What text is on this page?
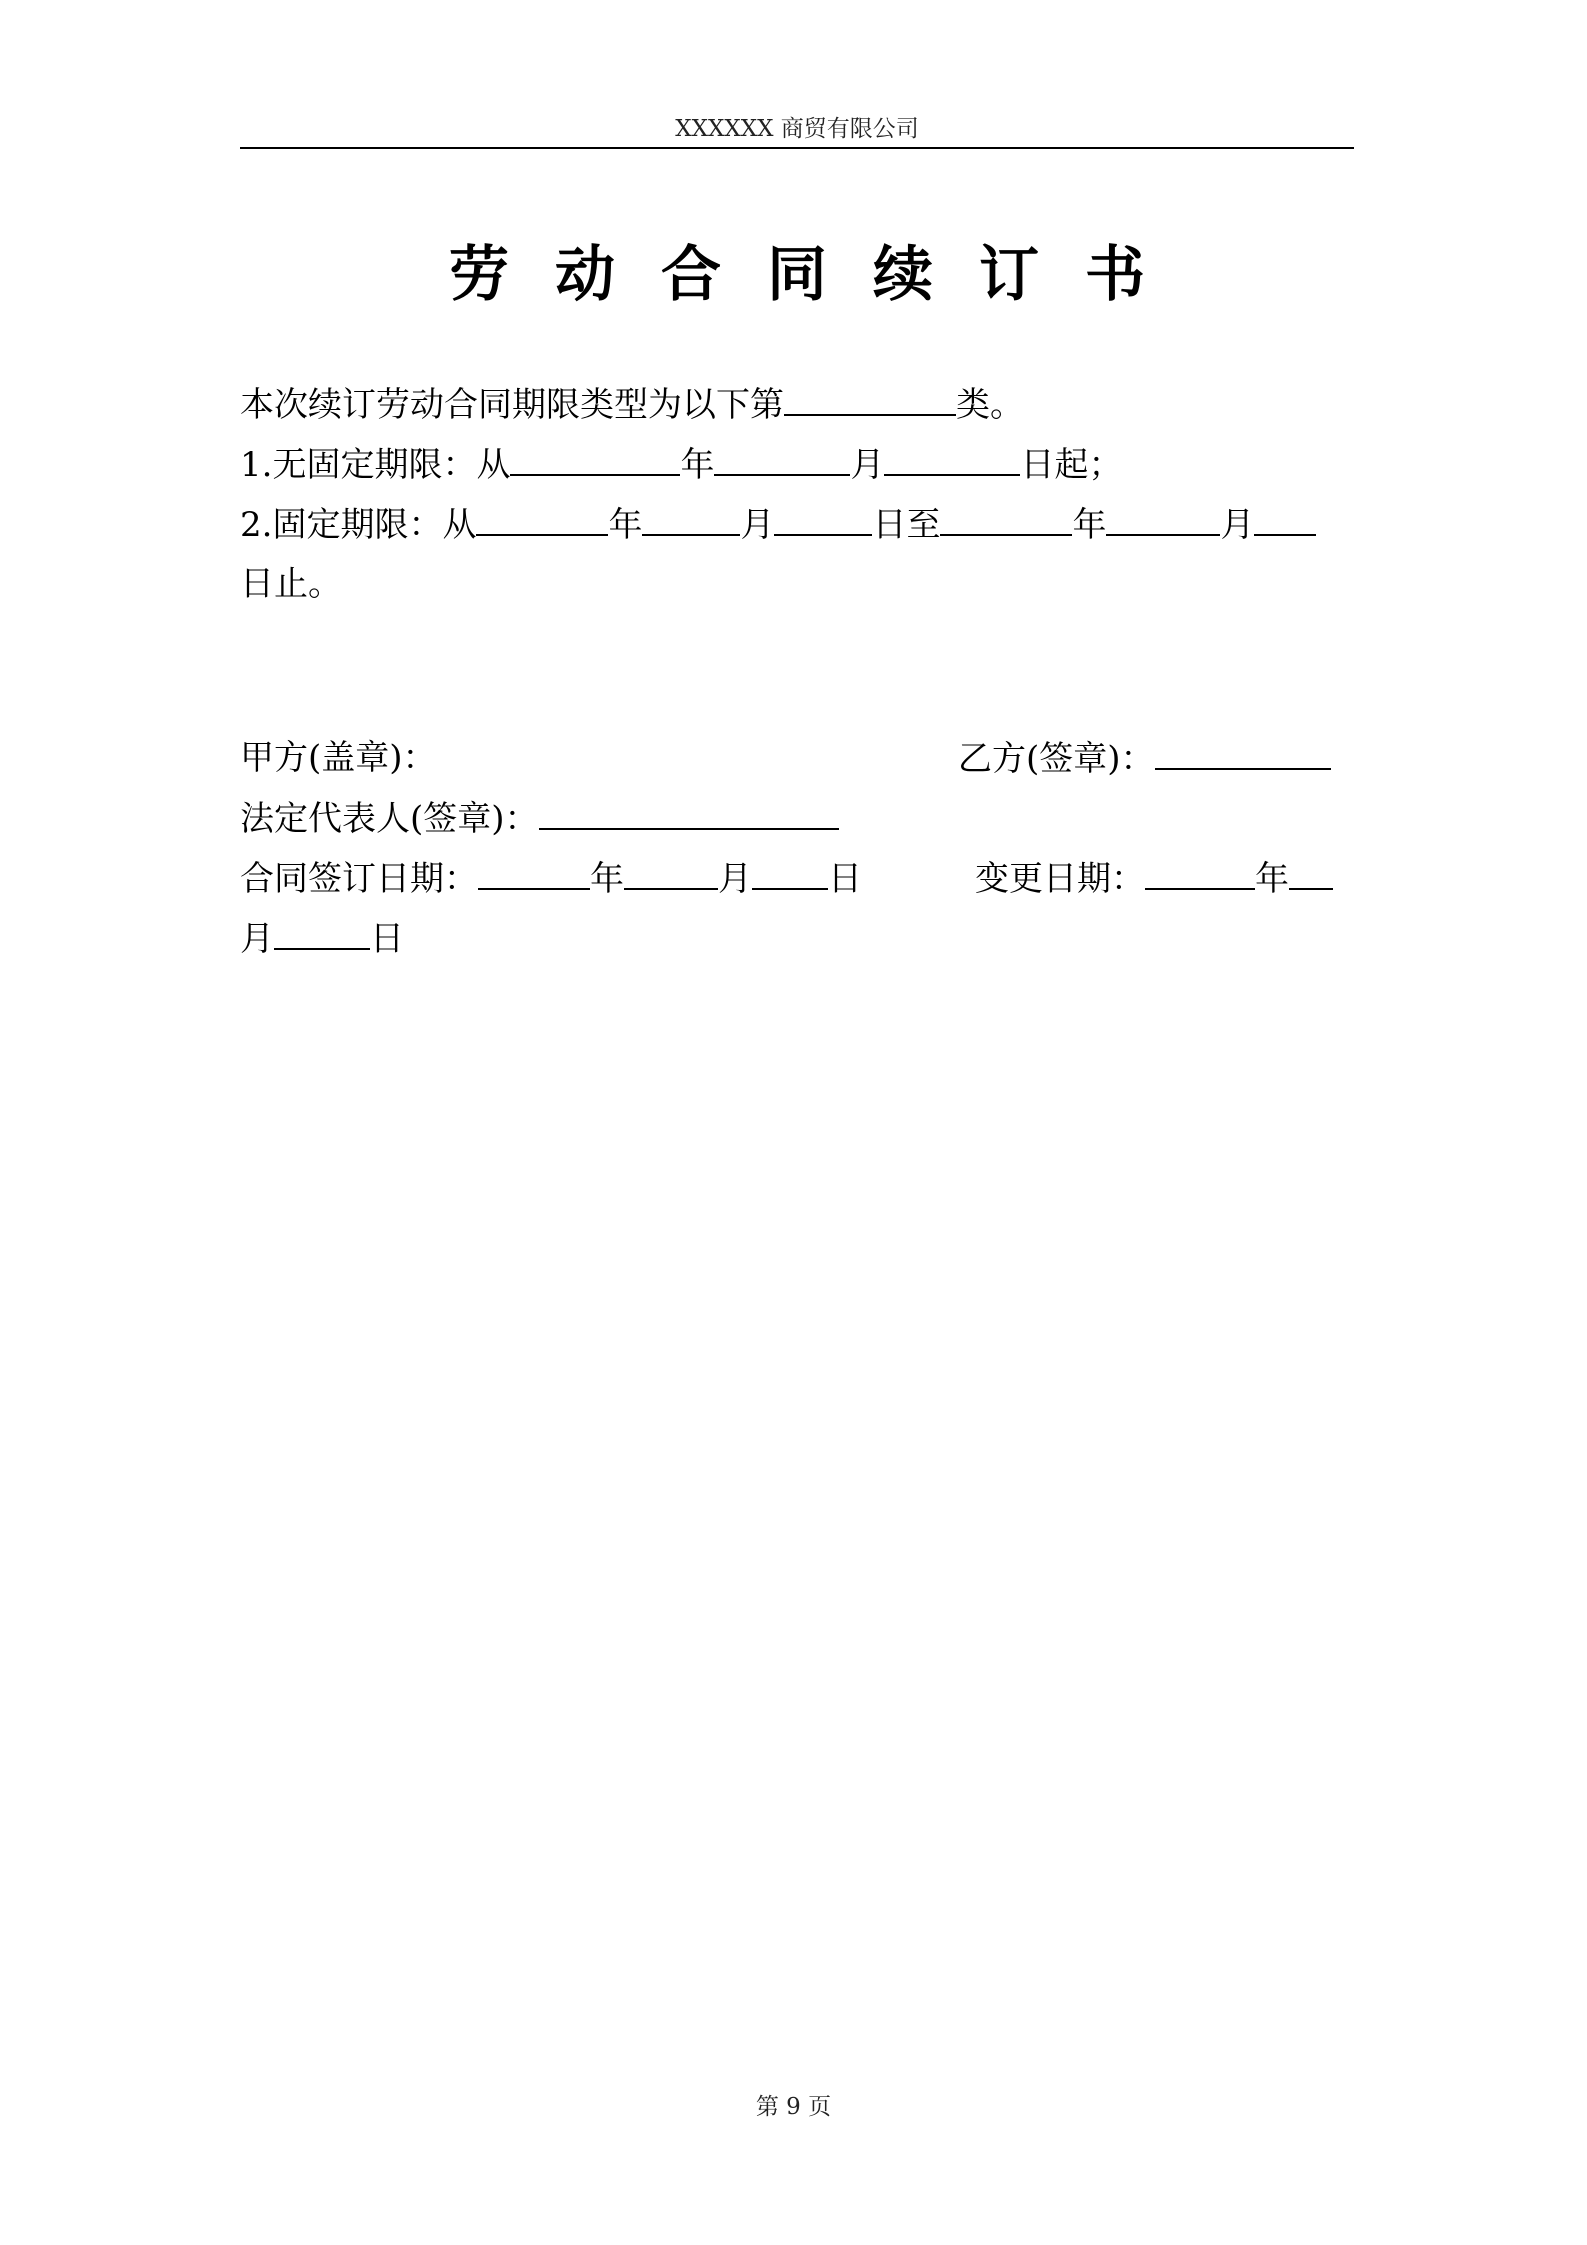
XXXXXX 商贸有限公司
劳 动 合 同 续 订 书
本次续订劳动合同期限类型为以下第	类。
1.无固定期限：从	年	月	日起；
2.固定期限：从	年	月	日至	年	月
日止。
甲方(盖章)：	乙方(签章)：
法定代表人(签章)：
合同签订日期：	年	月 日	变更日期：	年
月	日
第 9 页
